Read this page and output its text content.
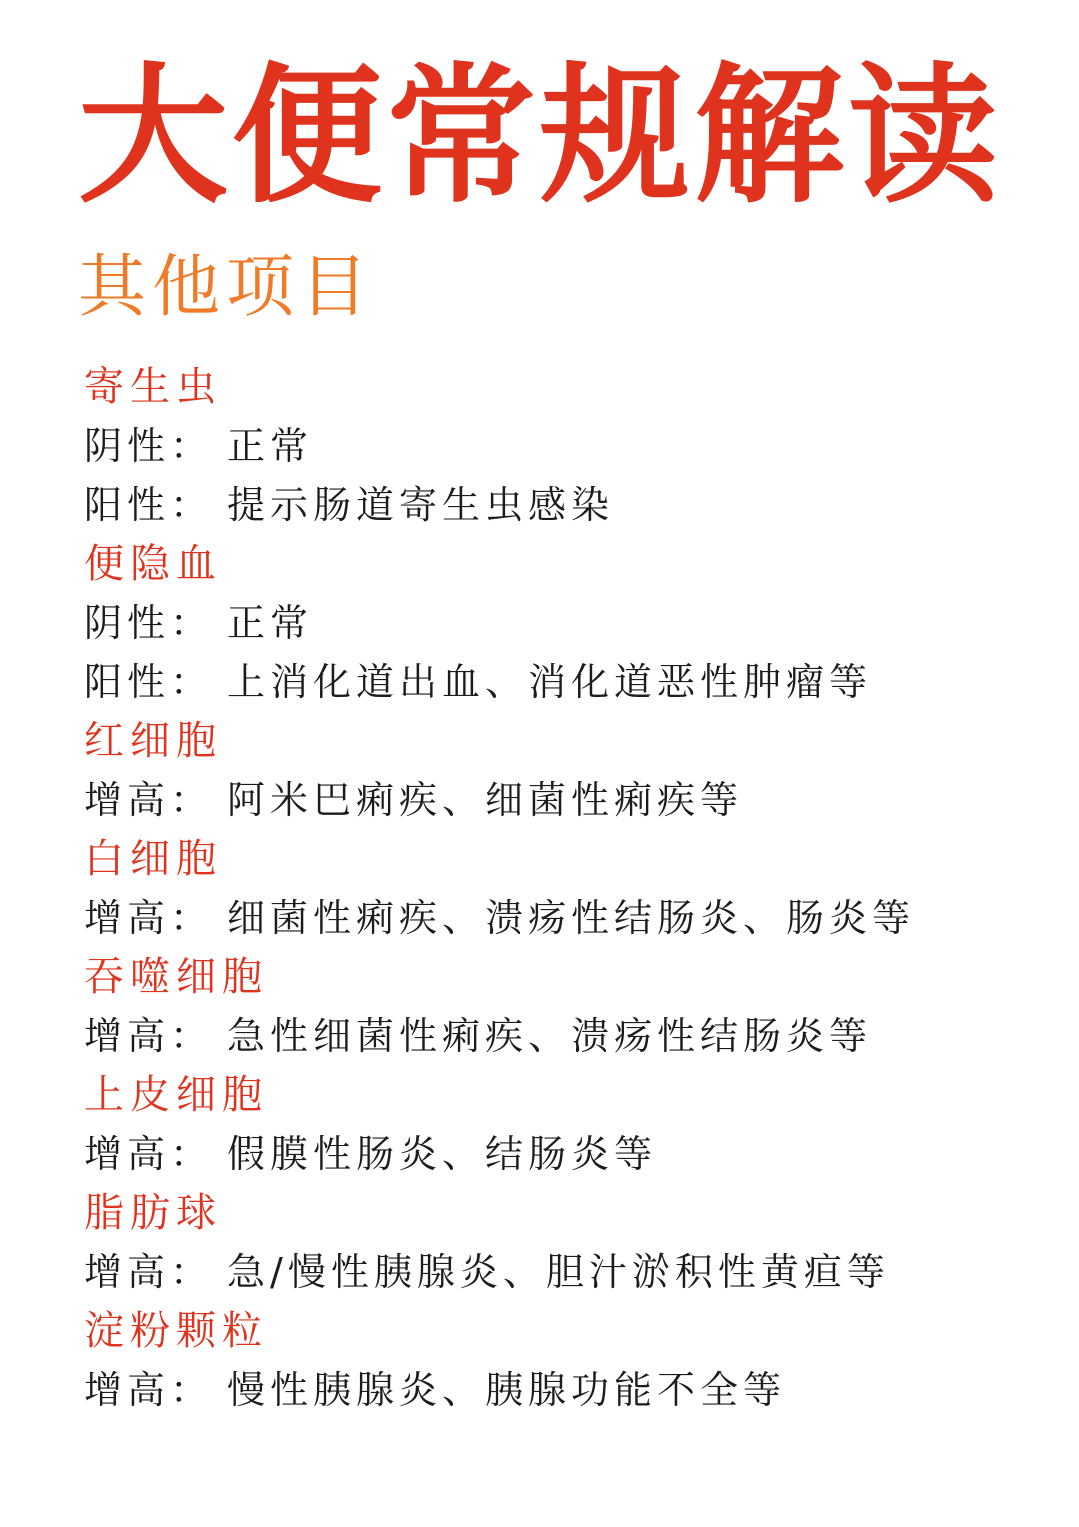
大便常规解读
其他项目
寄生虫
阴性： 正常
阳性： 提示肠道寄生虫感染
便隐血
阴性： 正常
阳性： 上消化道出血、消化道恶性肿瘤等
红细胞
增高： 阿米巴痢疾、细菌性痢疾等
白细胞
增高： 细菌性痢疾、溃疡性结肠炎、肠炎等
吞噬细胞
增高： 急性细菌性痢疾、溃疡性结肠炎等
上皮细胞
增高： 假膜性肠炎、结肠炎等
脂肪球
增高： 急/慢性胰腺炎、胆汁淤积性黄疸等
淀粉颗粒
增高： 慢性胰腺炎、胰腺功能不全等
